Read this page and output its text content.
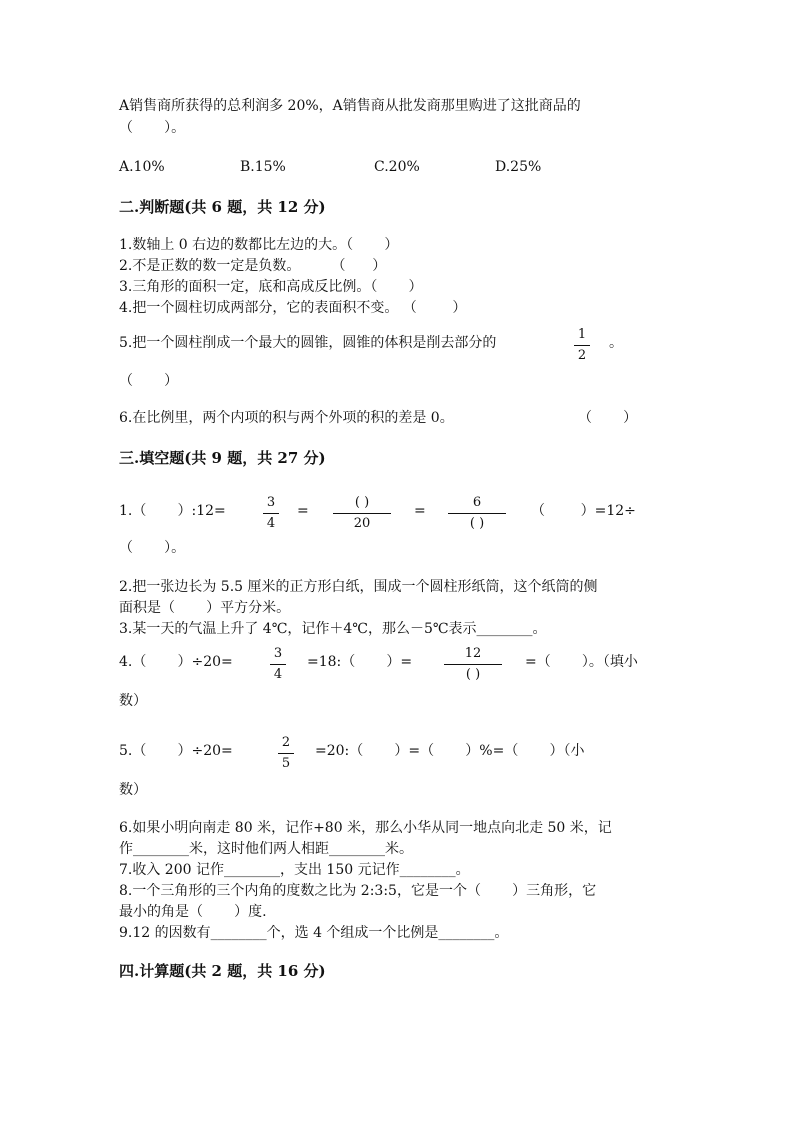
A销售商所获得的总利润多 20%，A销售商从批发商那里购进了这批商品的
（       ）。
A.10%	B.15%	C.20%	D.25%
二.判断题(共 6 题，共 12 分)
1.数轴上 0 右边的数都比左边的大。（       ）
2.不是正数的数一定是负数。       （      ）
3.三角形的面积一定，底和高成反比例。（       ）
4.把一个圆柱切成两部分，它的表面积不变。 （        ）
5.把一个圆柱削成一个最大的圆锥，圆锥的体积是削去部分的
1
2
。
（       ）
6.在比例里，两个内项的积与两个外项的积的差是 0。	（       ）
三.填空题(共 9 题，共 27 分)
1.（       ）:12=
3
4
=
( )
20
=
6
( )
（        ）=12÷
（       ）。
2.把一张边长为 5.5 厘米的正方形白纸，围成一个圆柱形纸筒，这个纸筒的侧
面积是（       ）平方分米。
3.某一天的气温上升了 4℃，记作＋4℃，那么－5℃表示________。
4.（       ）÷20=
3
4
=18:（       ）=
12
( )
=（       ）。（填小
数）
5.（       ）÷20=
2
5
=20:（       ）=（       ）%=（       ）（小
数）
6.如果小明向南走 80 米，记作+80 米，那么小华从同一地点向北走 50 米，记
作________米，这时他们两人相距________米。
7.收入 200 记作________，支出 150 元记作________。
8.一个三角形的三个内角的度数之比为 2:3:5，它是一个（       ）三角形，它
最小的角是（       ）度.
9.12 的因数有________个，选 4 个组成一个比例是________。
四.计算题(共 2 题，共 16 分)
